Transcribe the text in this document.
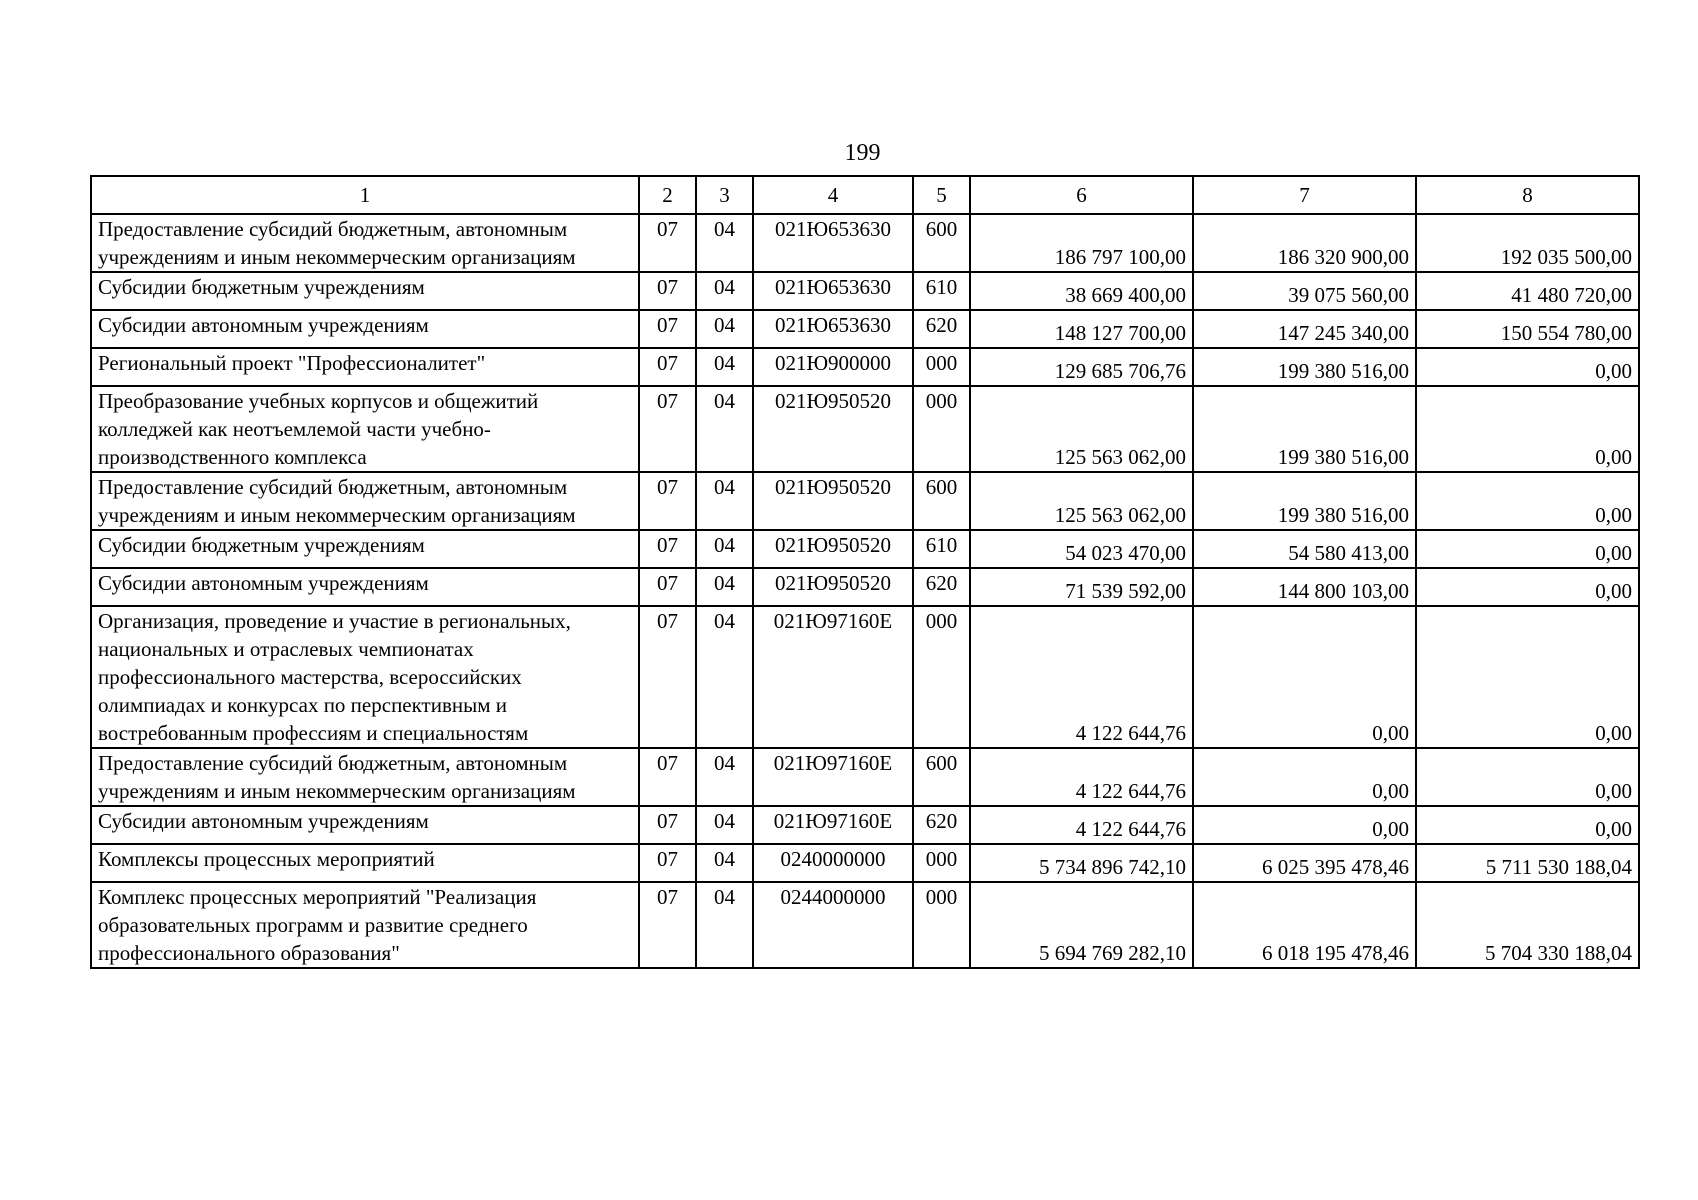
199
1	2	3	4	5	6	7	8
Предоставление субсидий бюджетным, автономным учреждениям и иным некоммерческим организациям	07	04	021Ю653630	600	186 797 100,00	186 320 900,00	192 035 500,00
Субсидии бюджетным учреждениям	07	04	021Ю653630	610	38 669 400,00	39 075 560,00	41 480 720,00
Субсидии автономным учреждениям	07	04	021Ю653630	620	148 127 700,00	147 245 340,00	150 554 780,00
Региональный проект "Профессионалитет"	07	04	021Ю900000	000	129 685 706,76	199 380 516,00	0,00
Преобразование учебных корпусов и общежитий колледжей как неотъемлемой части учебно-производственного комплекса	07	04	021Ю950520	000	125 563 062,00	199 380 516,00	0,00
Предоставление субсидий бюджетным, автономным учреждениям и иным некоммерческим организациям	07	04	021Ю950520	600	125 563 062,00	199 380 516,00	0,00
Субсидии бюджетным учреждениям	07	04	021Ю950520	610	54 023 470,00	54 580 413,00	0,00
Субсидии автономным учреждениям	07	04	021Ю950520	620	71 539 592,00	144 800 103,00	0,00
Организация, проведение и участие в региональных, национальных и отраслевых чемпионатах профессионального мастерства, всероссийских олимпиадах и конкурсах по перспективным и востребованным профессиям и специальностям	07	04	021Ю97160Е	000	4 122 644,76	0,00	0,00
Предоставление субсидий бюджетным, автономным учреждениям и иным некоммерческим организациям	07	04	021Ю97160Е	600	4 122 644,76	0,00	0,00
Субсидии автономным учреждениям	07	04	021Ю97160Е	620	4 122 644,76	0,00	0,00
Комплексы процессных мероприятий	07	04	0240000000	000	5 734 896 742,10	6 025 395 478,46	5 711 530 188,04
Комплекс процессных мероприятий "Реализация образовательных программ и развитие среднего профессионального образования"	07	04	0244000000	000	5 694 769 282,10	6 018 195 478,46	5 704 330 188,04
